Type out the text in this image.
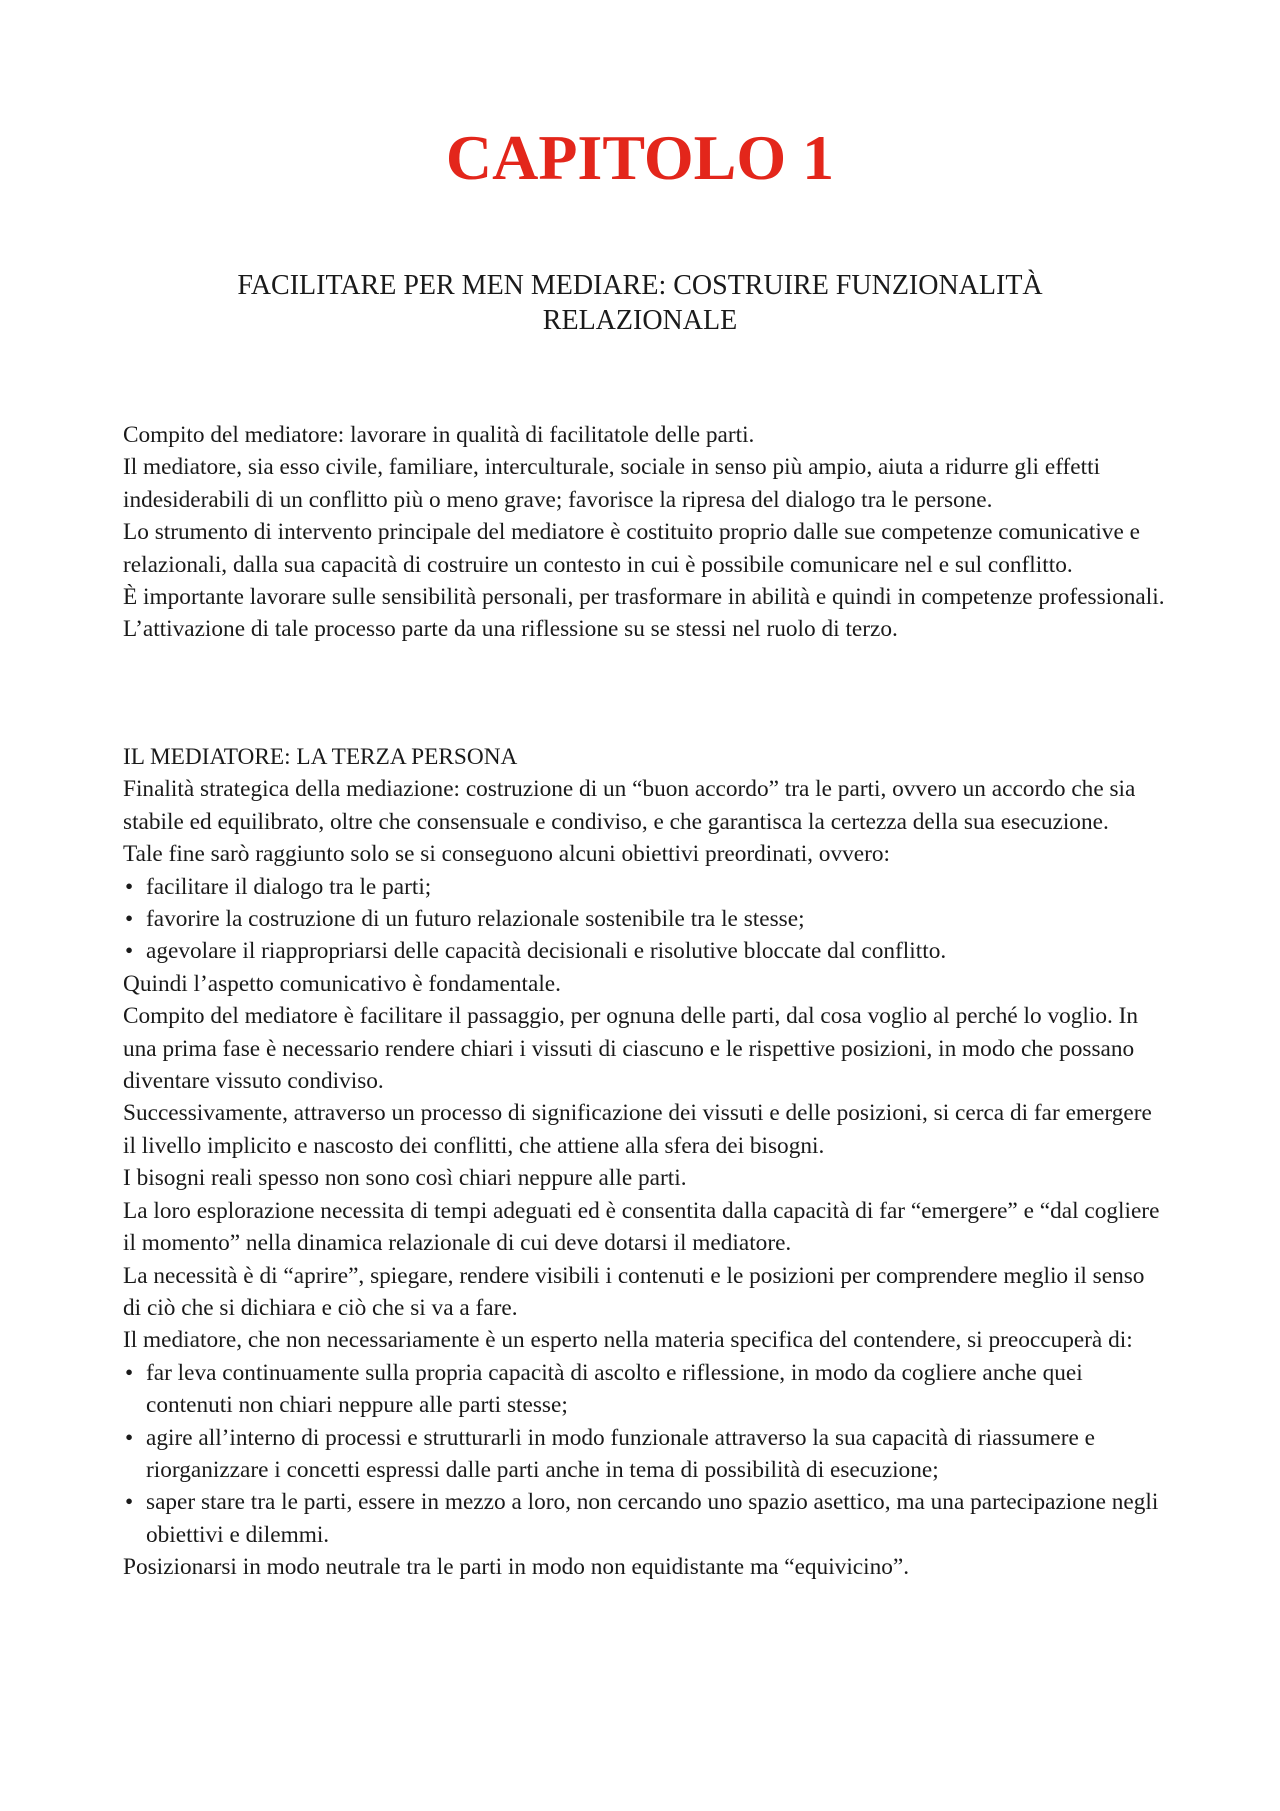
CAPITOLO 1
FACILITARE PER MEN MEDIARE: COSTRUIRE FUNZIONALITÀ RELAZIONALE

Compito del mediatore: lavorare in qualità di facilitatole delle parti.

Il mediatore, sia esso civile, familiare, interculturale, sociale in senso più ampio, aiuta a ridurre gli effetti indesiderabili di un conflitto più o meno grave; favorisce la ripresa del dialogo tra le persone.

Lo strumento di intervento principale del mediatore è costituito proprio dalle sue competenze comunicative e relazionali, dalla sua capacità di costruire un contesto in cui è possibile comunicare nel e sul conflitto.

È importante lavorare sulle sensibilità personali, per trasformare in abilità e quindi in competenze professionali. L’attivazione di tale processo parte da una riflessione su se stessi nel ruolo di terzo.

IL MEDIATORE: LA TERZA PERSONA

Finalità strategica della mediazione: costruzione di un “buon accordo” tra le parti, ovvero un accordo che sia stabile ed equilibrato, oltre che consensuale e condiviso, e che garantisca la certezza della sua esecuzione.

Tale fine sarò raggiunto solo se si conseguono alcuni obiettivi preordinati, ovvero:

• facilitare il dialogo tra le parti;
• favorire la costruzione di un futuro relazionale sostenibile tra le stesse;
• agevolare il riappropriarsi delle capacità decisionali e risolutive bloccate dal conflitto.

Quindi l’aspetto comunicativo è fondamentale.

Compito del mediatore è facilitare il passaggio, per ognuna delle parti, dal cosa voglio al perché lo voglio. In una prima fase è necessario rendere chiari i vissuti di ciascuno e le rispettive posizioni, in modo che possano diventare vissuto condiviso.

Successivamente, attraverso un processo di significazione dei vissuti e delle posizioni, si cerca di far emergere il livello implicito e nascosto dei conflitti, che attiene alla sfera dei bisogni.

I bisogni reali spesso non sono così chiari neppure alle parti.

La loro esplorazione necessita di tempi adeguati ed è consentita dalla capacità di far “emergere” e “dal cogliere il momento” nella dinamica relazionale di cui deve dotarsi il mediatore.

La necessità è di “aprire”, spiegare, rendere visibili i contenuti e le posizioni per comprendere meglio il senso di ciò che si dichiara e ciò che si va a fare.

Il mediatore, che non necessariamente è un esperto nella materia specifica del contendere, si preoccuperà di:

• far leva continuamente sulla propria capacità di ascolto e riflessione, in modo da cogliere anche quei contenuti non chiari neppure alle parti stesse;
• agire all’interno di processi e strutturarli in modo funzionale attraverso la sua capacità di riassumere e riorganizzare i concetti espressi dalle parti anche in tema di possibilità di esecuzione;
• saper stare tra le parti, essere in mezzo a loro, non cercando uno spazio asettico, ma una partecipazione negli obiettivi e dilemmi.

Posizionarsi in modo neutrale tra le parti in modo non equidistante ma “equivicino”.
